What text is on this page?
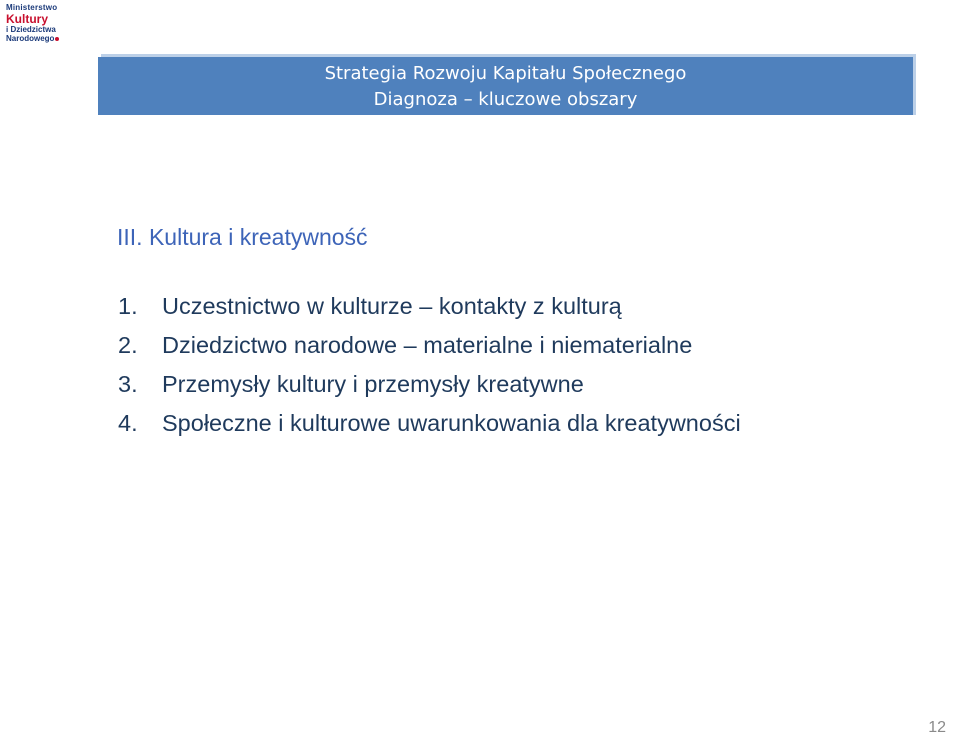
Ministerstwo
Kultury
i Dziedzictwa
Narodowego
Strategia Rozwoju Kapitału Społecznego
Diagnoza – kluczowe obszary
III. Kultura i kreatywność
1.	Uczestnictwo w kulturze – kontakty z kulturą
2.	Dziedzictwo narodowe – materialne i niematerialne
3.	Przemysły kultury i przemysły kreatywne
4.	Społeczne i kulturowe uwarunkowania dla kreatywności
12
